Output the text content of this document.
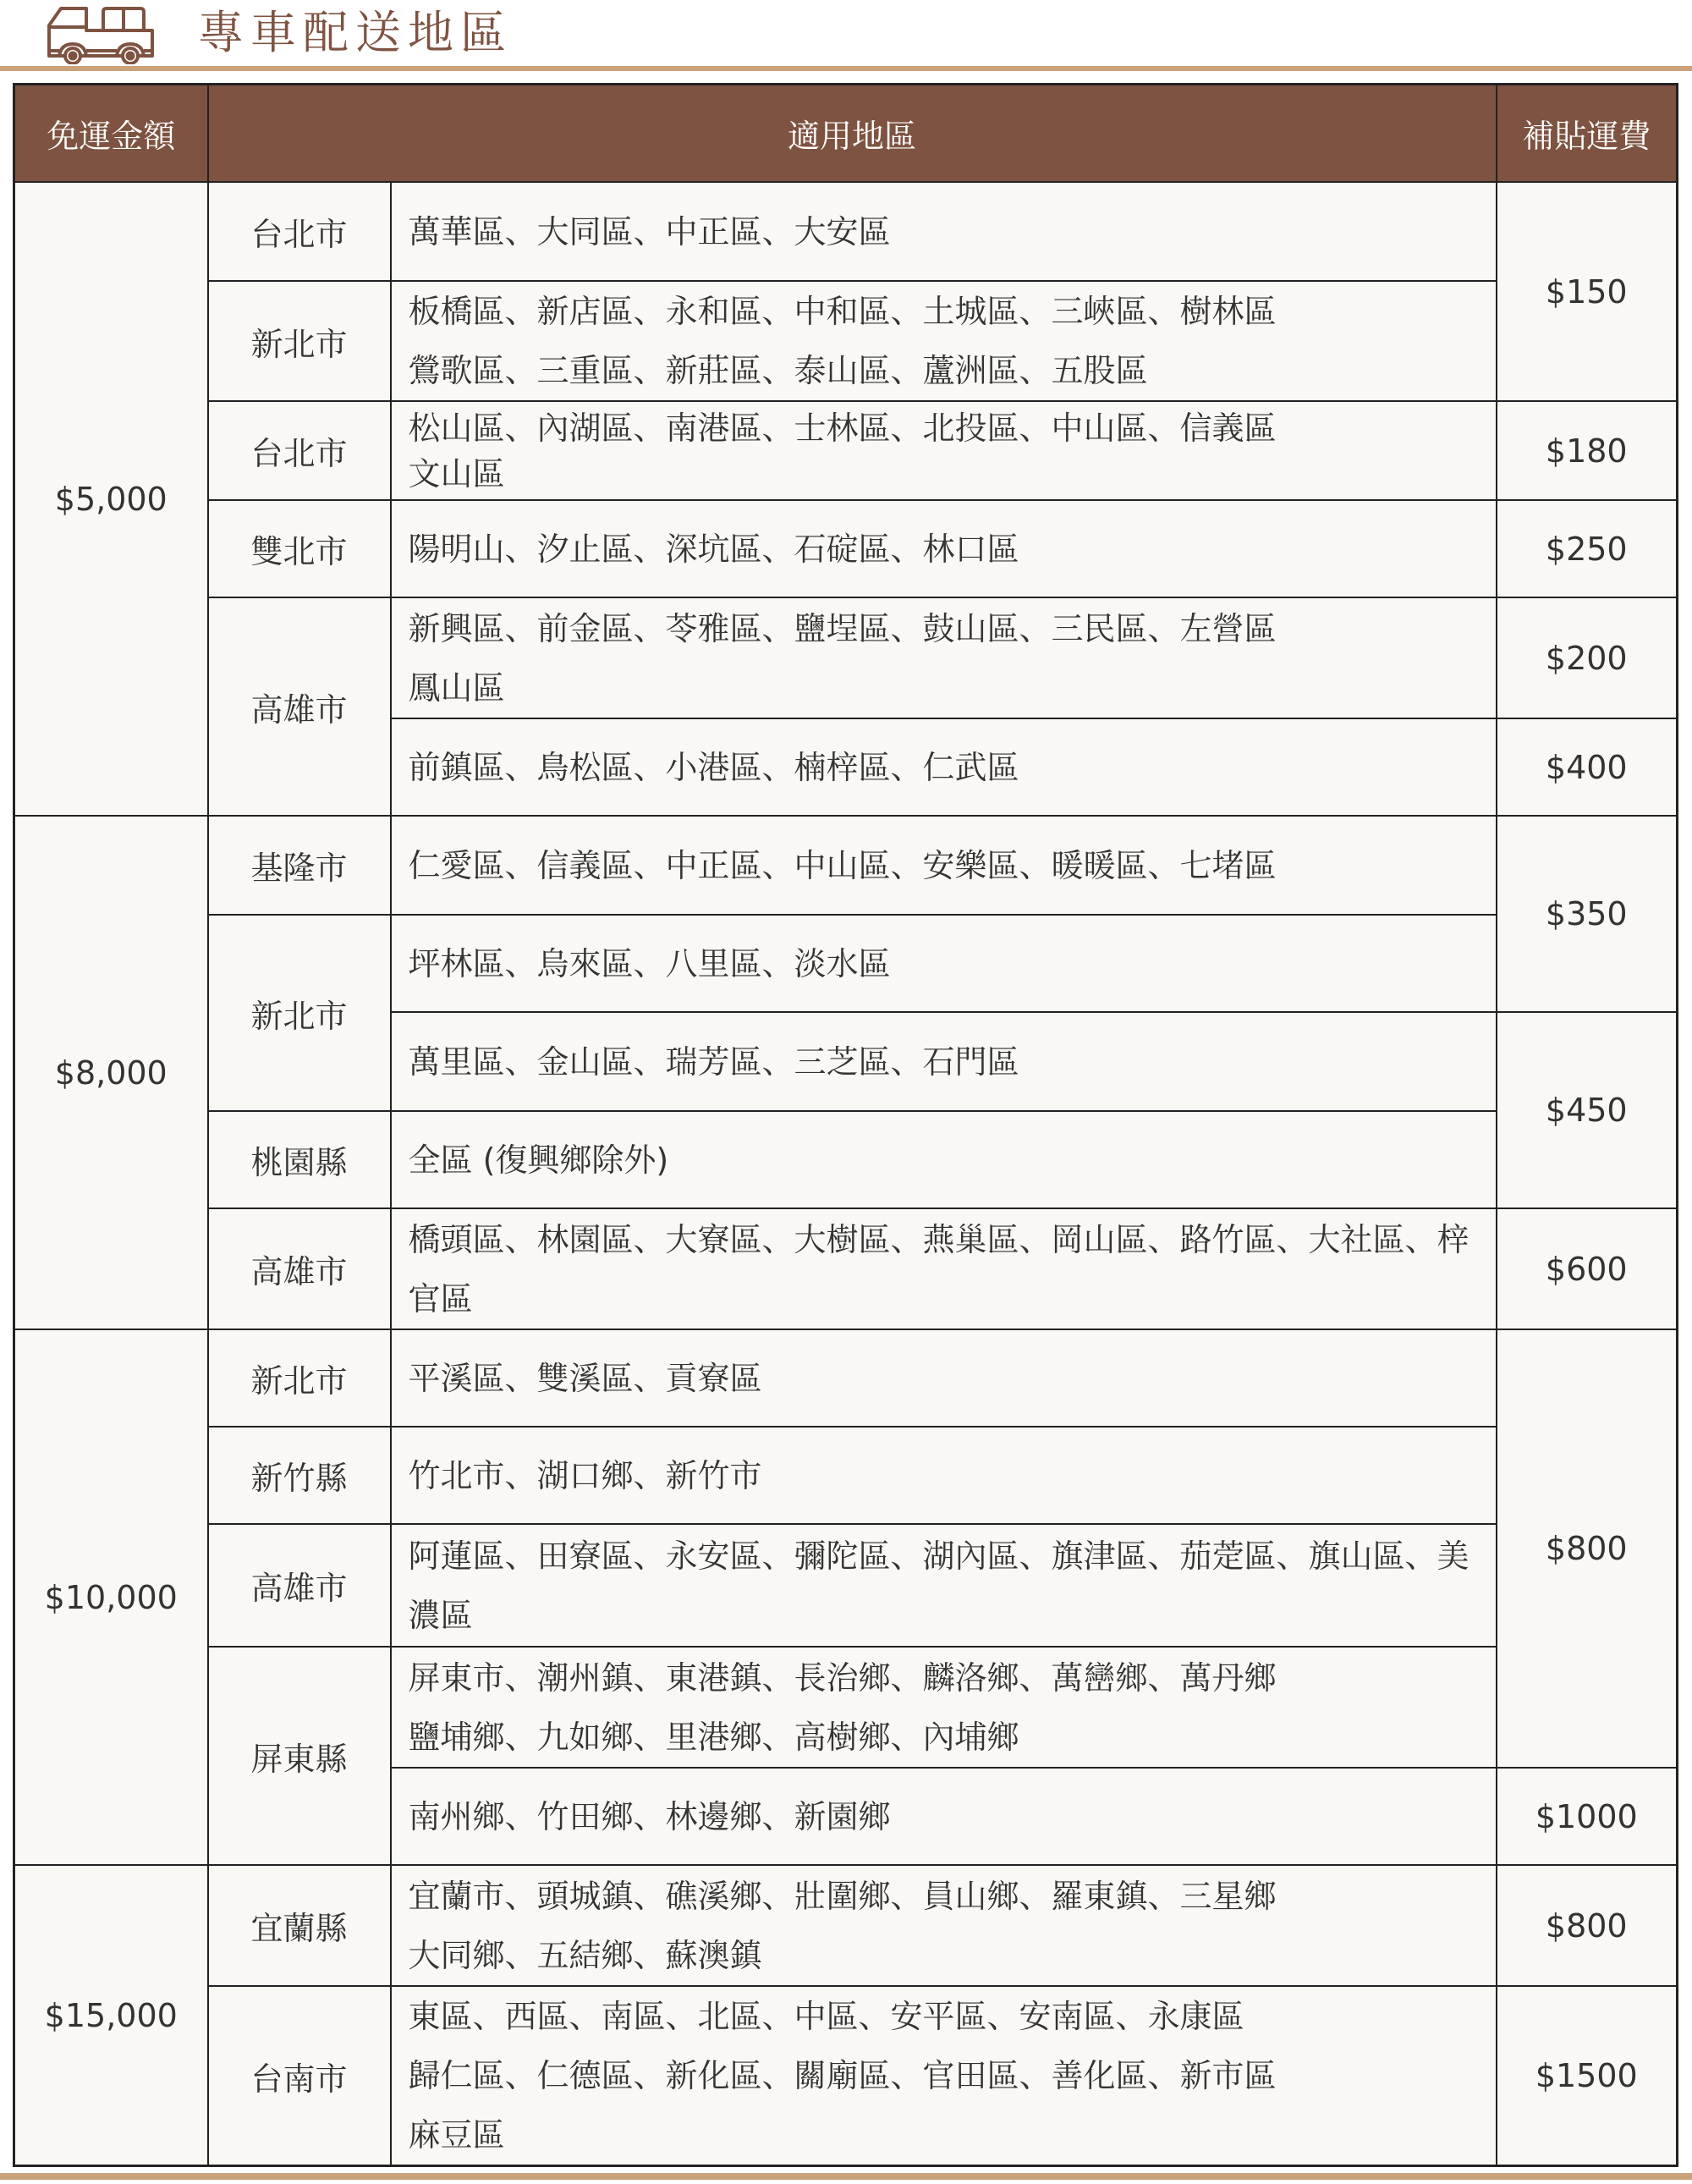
專車配送地區
免運金額	適用地區		補貼運費
$5,000	台北市	萬華區、大同區、中正區、大安區	$150
	新北市	板橋區、新店區、永和區、中和區、土城區、三峽區、樹林區
鶯歌區、三重區、新莊區、泰山區、蘆洲區、五股區	
	台北市	松山區、內湖區、南港區、士林區、北投區、中山區、信義區
文山區	$180
	雙北市	陽明山、汐止區、深坑區、石碇區、林口區	$250
	高雄市	新興區、前金區、苓雅區、鹽埕區、鼓山區、三民區、左營區
鳳山區	$200
		前鎮區、鳥松區、小港區、楠梓區、仁武區	$400
$8,000	基隆市	仁愛區、信義區、中正區、中山區、安樂區、暖暖區、七堵區	$350
	新北市	坪林區、烏來區、八里區、淡水區	
		萬里區、金山區、瑞芳區、三芝區、石門區	$450
	桃園縣	全區 (復興鄉除外)	
	高雄市	橋頭區、林園區、大寮區、大樹區、燕巢區、岡山區、路竹區、大社區、梓官區	$600
$10,000	新北市	平溪區、雙溪區、貢寮區	$800
	新竹縣	竹北市、湖口鄉、新竹市	
	高雄市	阿蓮區、田寮區、永安區、彌陀區、湖內區、旗津區、茄萣區、旗山區、美濃區	
	屏東縣	屏東市、潮州鎮、東港鎮、長治鄉、麟洛鄉、萬巒鄉、萬丹鄉
鹽埔鄉、九如鄉、里港鄉、高樹鄉、內埔鄉	
		南州鄉、竹田鄉、林邊鄉、新園鄉	$1000
$15,000	宜蘭縣	宜蘭市、頭城鎮、礁溪鄉、壯圍鄉、員山鄉、羅東鎮、三星鄉
大同鄉、五結鄉、蘇澳鎮	$800
	台南市	東區、西區、南區、北區、中區、安平區、安南區、永康區
歸仁區、仁德區、新化區、關廟區、官田區、善化區、新市區
麻豆區	$1500
